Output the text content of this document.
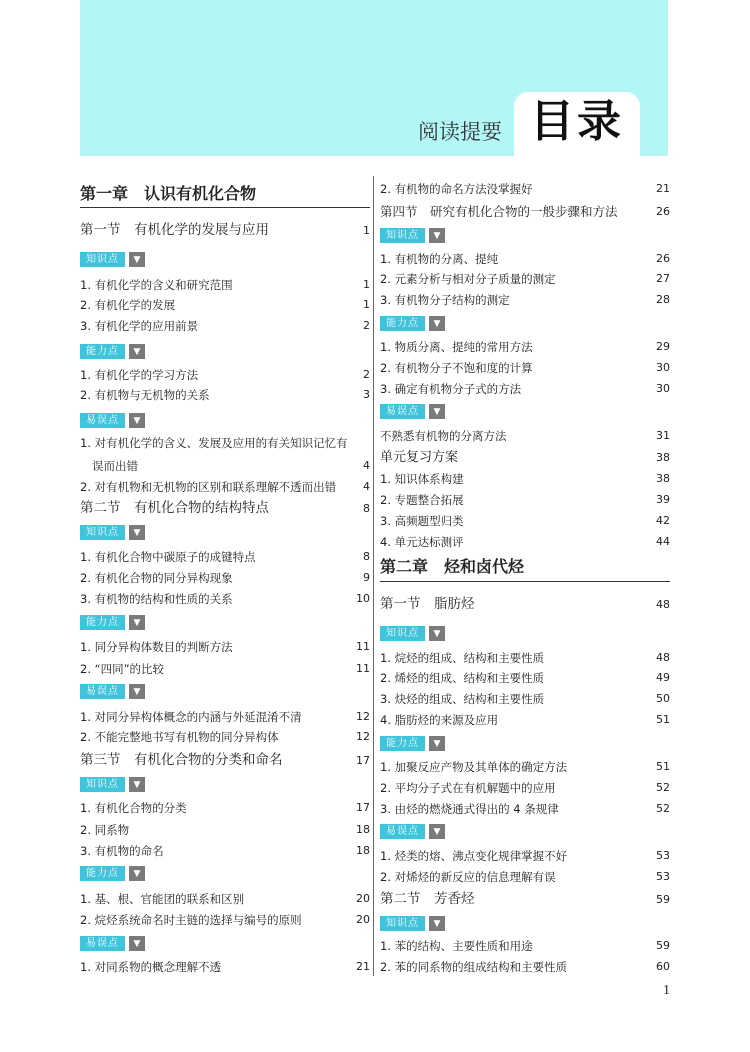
阅读提要 目录
第一章　认识有机化合物
第一节　有机化学的发展与应用	1
知识点	▼
1. 有机化学的含义和研究范围	1
2. 有机化学的发展	1
3. 有机化学的应用前景	2
能力点	▼
1. 有机化学的学习方法	2
2. 有机物与无机物的关系	3
易误点	▼
1. 对有机化学的含义、发展及应用的有关知识记忆有
误而出错	4
2. 对有机物和无机物的区别和联系理解不透而出错 4
第二节　有机化合物的结构特点	8
知识点	▼
1. 有机化合物中碳原子的成键特点	8
2. 有机化合物的同分异构现象	9
3. 有机物的结构和性质的关系	10
能力点	▼
1. 同分异构体数目的判断方法	11
2. “四同”的比较	11
易误点	▼
1. 对同分异构体概念的内涵与外延混淆不清	12
2. 不能完整地书写有机物的同分异构体	12
第三节　有机化合物的分类和命名	17
知识点	▼
1. 有机化合物的分类	17
2. 同系物	18
3. 有机物的命名	18
能力点	▼
1. 基、根、官能团的联系和区别	20
2. 烷烃系统命名时主链的选择与编号的原则	20
易误点	▼
1. 对同系物的概念理解不透	21
2. 有机物的命名方法没掌握好	21
第四节　研究有机化合物的一般步骤和方法	26
知识点	▼
1. 有机物的分离、提纯	26
2. 元素分析与相对分子质量的测定	27
3. 有机物分子结构的测定	28
能力点	▼
1. 物质分离、提纯的常用方法	29
2. 有机物分子不饱和度的计算	30
3. 确定有机物分子式的方法	30
易误点	▼
不熟悉有机物的分离方法	31
单元复习方案	38
1. 知识体系构建	38
2. 专题整合拓展	39
3. 高频题型归类	42
4. 单元达标测评	44
第二章　烃和卤代烃
第一节　脂肪烃	48
知识点	▼
1. 烷烃的组成、结构和主要性质	48
2. 烯烃的组成、结构和主要性质	49
3. 炔烃的组成、结构和主要性质	50
4. 脂肪烃的来源及应用	51
能力点	▼
1. 加聚反应产物及其单体的确定方法	51
2. 平均分子式在有机解题中的应用	52
3. 由烃的燃烧通式得出的 4 条规律	52
易误点	▼
1. 烃类的熔、沸点变化规律掌握不好	53
2. 对烯烃的新反应的信息理解有误	53
第二节　芳香烃	59
知识点	▼
1. 苯的结构、主要性质和用途	59
2. 苯的同系物的组成结构和主要性质	60
1
